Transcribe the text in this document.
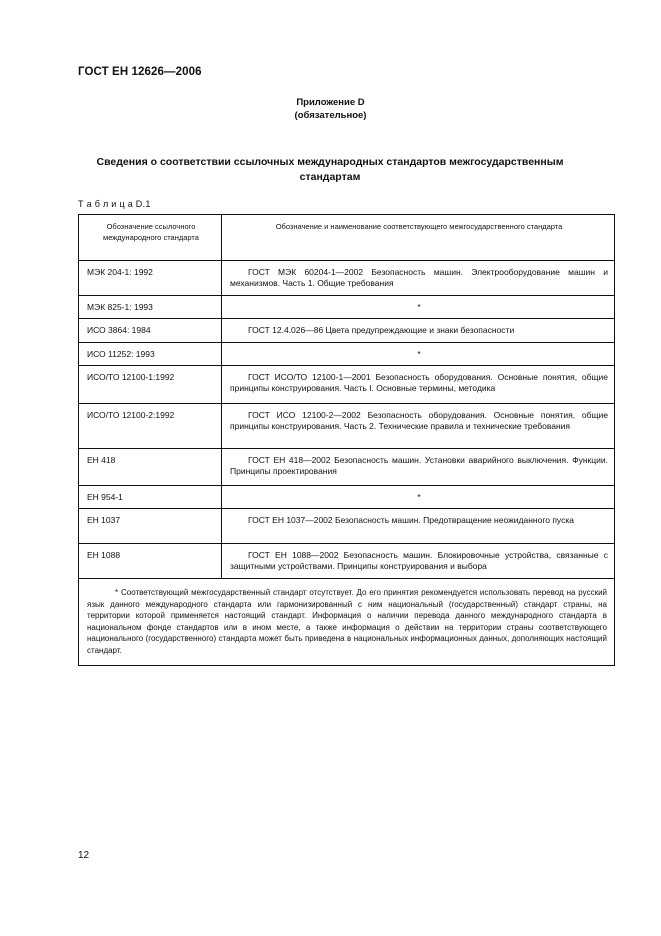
ГОСТ ЕН 12626—2006
Приложение D
(обязательное)
Сведения о соответствии ссылочных международных стандартов межгосударственным стандартам
Т а б л и ц а D.1
Обозначение ссылочного международного стандарта	Обозначение и наименование соответствующего межгосударственного стандарта
МЭК 204-1: 1992	ГОСТ МЭК 60204-1—2002 Безопасность машин. Электрооборудование машин и механизмов. Часть 1. Общие требования
МЭК 825-1: 1993	*
ИСО 3864: 1984	ГОСТ 12.4.026—86 Цвета предупреждающие и знаки безопасности
ИСО 11252: 1993	*
ИСО/ТО 12100-1:1992	ГОСТ ИСО/ТО 12100-1—2001 Безопасность оборудования. Основные понятия, общие принципы конструирования. Часть I. Основные термины, методика
ИСО/ТО 12100-2:1992	ГОСТ ИСО 12100-2—2002 Безопасность оборудования. Основные понятия, общие принципы конструирования. Часть 2. Технические правила и технические требования
ЕН 418	ГОСТ ЕН 418—2002 Безопасность машин. Установки аварийного выключения. Функции. Принципы проектирования
ЕН 954-1	*
ЕН 1037	ГОСТ ЕН 1037—2002 Безопасность машин. Предотвращение неожиданного пуска
ЕН 1088	ГОСТ ЕН 1088—2002 Безопасность машин. Блокировочные устройства, связанные с защитными устройствами. Принципы конструирования и выбора

* Соответствующий межгосударственный стандарт отсутствует. До его принятия рекомендуется использовать перевод на русский язык данного международного стандарта или гармонизированный с ним национальный (государственный) стандарт страны, на территории которой применяется настоящий стандарт. Информация о наличии перевода данного международного стандарта в национальном фонде стандартов или в ином месте, а также информация о действии на территории страны соответствующего национального (государственного) стандарта может быть приведена в национальных информационных данных, дополняющих настоящий стандарт.	
12
